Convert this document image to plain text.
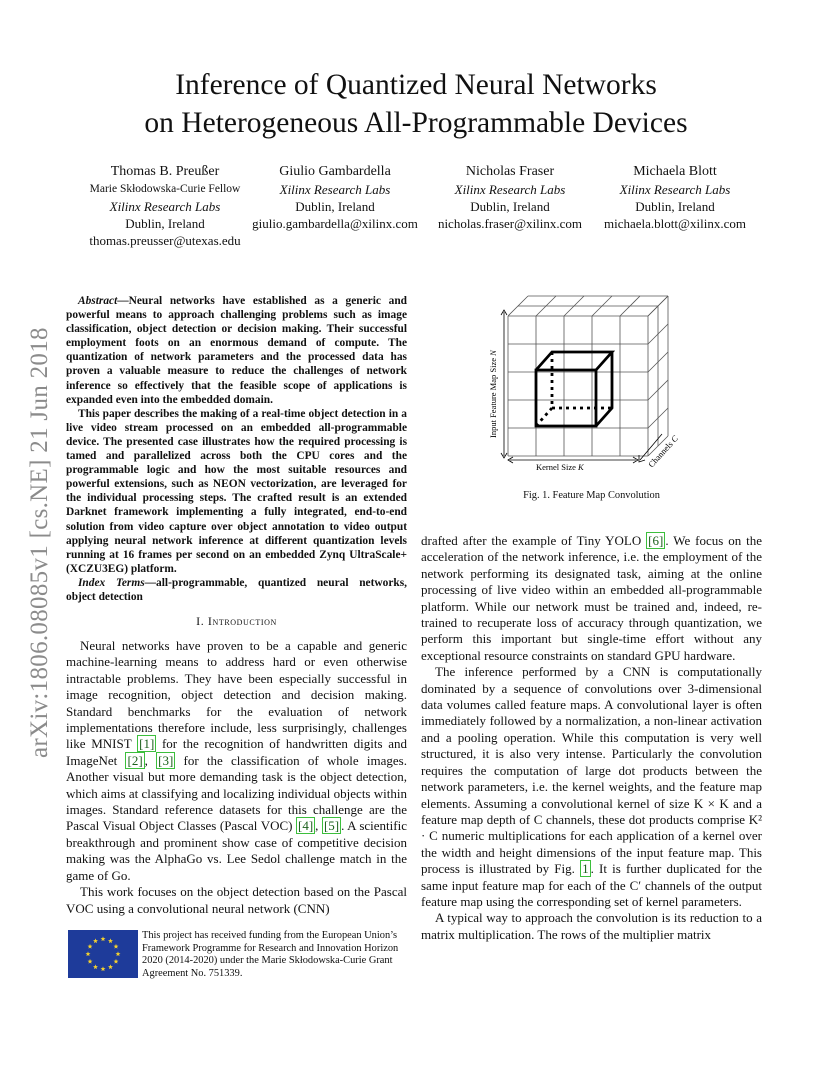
arXiv:1806.08085v1 [cs.NE] 21 Jun 2018
Inference of Quantized Neural Networks
on Heterogeneous All-Programmable Devices
Thomas B. Preußer
Marie Skłodowska-Curie Fellow
Xilinx Research Labs
Dublin, Ireland
thomas.preusser@utexas.edu
Giulio Gambardella
Xilinx Research Labs
Dublin, Ireland
giulio.gambardella@xilinx.com
Nicholas Fraser
Xilinx Research Labs
Dublin, Ireland
nicholas.fraser@xilinx.com
Michaela Blott
Xilinx Research Labs
Dublin, Ireland
michaela.blott@xilinx.com

Abstract—Neural networks have established as a generic and powerful means to approach challenging problems such as image classification, object detection or decision making. Their successful employment foots on an enormous demand of compute. The quantization of network parameters and the processed data has proven a valuable measure to reduce the challenges of network inference so effectively that the feasible scope of applications is expanded even into the embedded domain.

This paper describes the making of a real-time object detection in a live video stream processed on an embedded all-programmable device. The presented case illustrates how the required processing is tamed and parallelized across both the CPU cores and the programmable logic and how the most suitable resources and powerful extensions, such as NEON vectorization, are leveraged for the individual processing steps. The crafted result is an extended Darknet framework implementing a fully integrated, end-to-end solution from video capture over object annotation to video output applying neural network inference at different quantization levels running at 16 frames per second on an embedded Zynq UltraScale+ (XCZU3EG) platform.

Index Terms—all-programmable, quantized neural networks, object detection

I. Introduction

Neural networks have proven to be a capable and generic machine-learning means to address hard or even otherwise intractable problems. They have been especially successful in image recognition, object detection and decision making. Standard benchmarks for the evaluation of network implementations therefore include, less surprisingly, challenges like MNIST [1] for the recognition of handwritten digits and ImageNet [2] , [3] for the classification of whole images. Another visual but more demanding task is the object detection, which aims at classifying and localizing individual objects within images. Standard reference datasets for this challenge are the Pascal Visual Object Classes (Pascal VOC) [4] , [5] . A scientific breakthrough and prominent show case of competitive decision making was the AlphaGo vs. Lee Sedol challenge match in the game of Go.

This work focuses on the object detection based on the Pascal VOC using a convolutional neural network (CNN)

This project has received funding from the European Union’s Framework Programme for Research and Innovation Horizon 2020 (2014-2020) under the Marie Skłodowska-Curie Grant Agreement No. 751339.
Input Feature Map Size N
Kernel Size K	Channels C
Fig. 1. Feature Map Convolution

drafted after the example of Tiny YOLO [6] . We focus on the acceleration of the network inference, i.e. the employment of the network performing its designated task, aiming at the online processing of live video within an embedded all-programmable platform. While our network must be trained and, indeed, re-trained to recuperate loss of accuracy through quantization, we perform this important but single-time effort without any exceptional resource constraints on standard GPU hardware.

The inference performed by a CNN is computationally dominated by a sequence of convolutions over 3-dimensional data volumes called feature maps. A convolutional layer is often immediately followed by a normalization, a non-linear activation and a pooling operation. While this computation is very well structured, it is also very intense. Particularly the convolution requires the computation of large dot products between the network parameters, i.e. the kernel weights, and the feature map elements. Assuming a convolutional kernel of size K × K and a feature map depth of C channels, these dot products comprise K² · C numeric multiplications for each application of a kernel over the width and height dimensions of the input feature map. This process is illustrated by Fig. 1 . It is further duplicated for the same input feature map for each of the C′ channels of the output feature map using the corresponding set of kernel parameters.

A typical way to approach the convolution is its reduction to a matrix multiplication. The rows of the multiplier matrix
